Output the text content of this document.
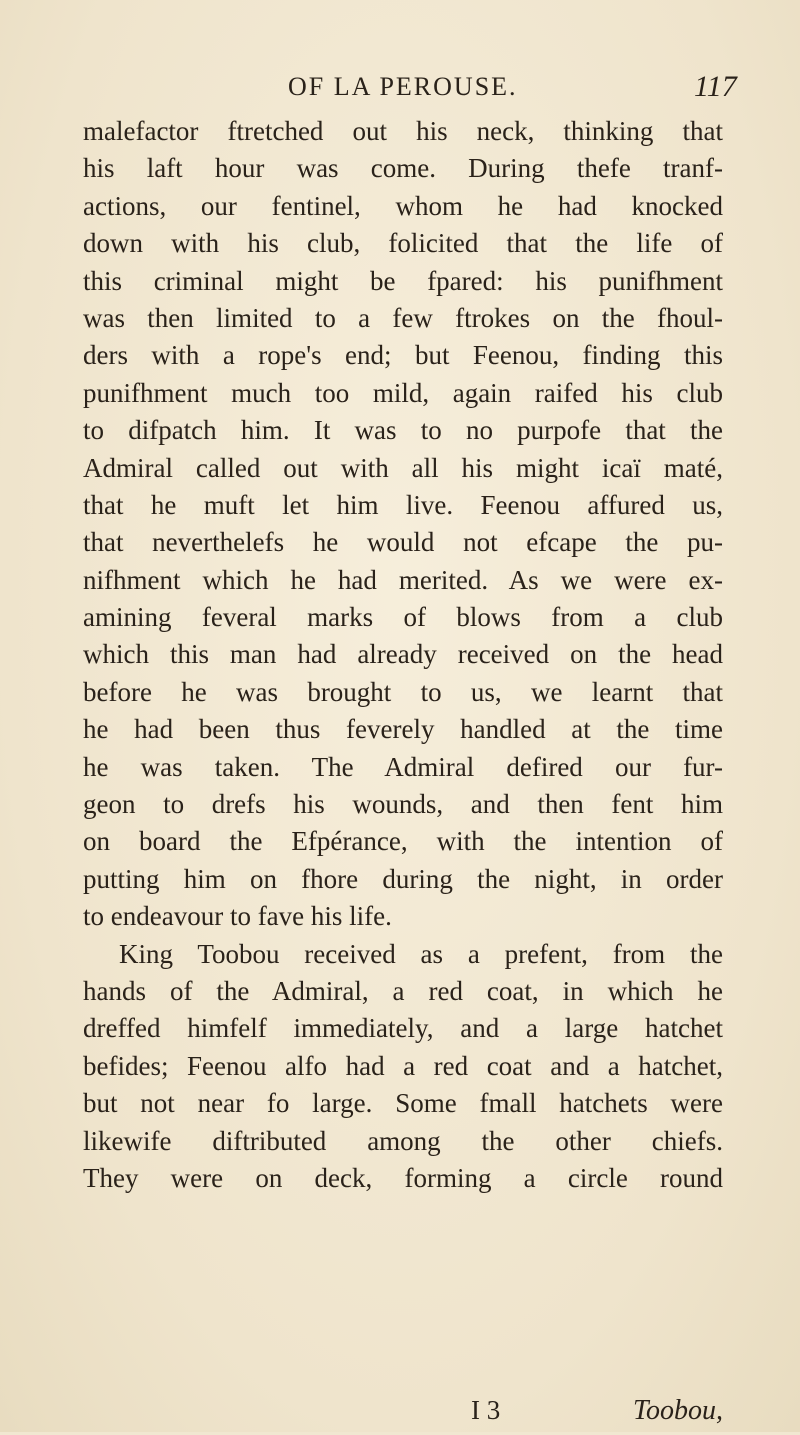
OF LA PEROUSE.	117
malefactor ftretched out his neck, thinking that
his laft hour was come. During thefe tranf-
actions, our fentinel, whom he had knocked
down with his club, folicited that the life of
this criminal might be fpared: his punifhment
was then limited to a few ftrokes on the fhoul-
ders with a rope's end; but Feenou, finding this
punifhment much too mild, again raifed his club
to difpatch him. It was to no purpofe that the
Admiral called out with all his might icaï maté,
that he muft let him live. Feenou affured us,
that neverthelefs he would not efcape the pu-
nifhment which he had merited. As we were ex-
amining feveral marks of blows from a club
which this man had already received on the head
before he was brought to us, we learnt that
he had been thus feverely handled at the time
he was taken. The Admiral defired our fur-
geon to drefs his wounds, and then fent him
on board the Efpérance, with the intention of
putting him on fhore during the night, in order
to endeavour to fave his life.
King Toobou received as a prefent, from the
hands of the Admiral, a red coat, in which he
dreffed himfelf immediately, and a large hatchet
befides; Feenou alfo had a red coat and a hatchet,
but not near fo large. Some fmall hatchets were
likewife diftributed among the other chiefs.
They were on deck, forming a circle round
I 3	Toobou,
